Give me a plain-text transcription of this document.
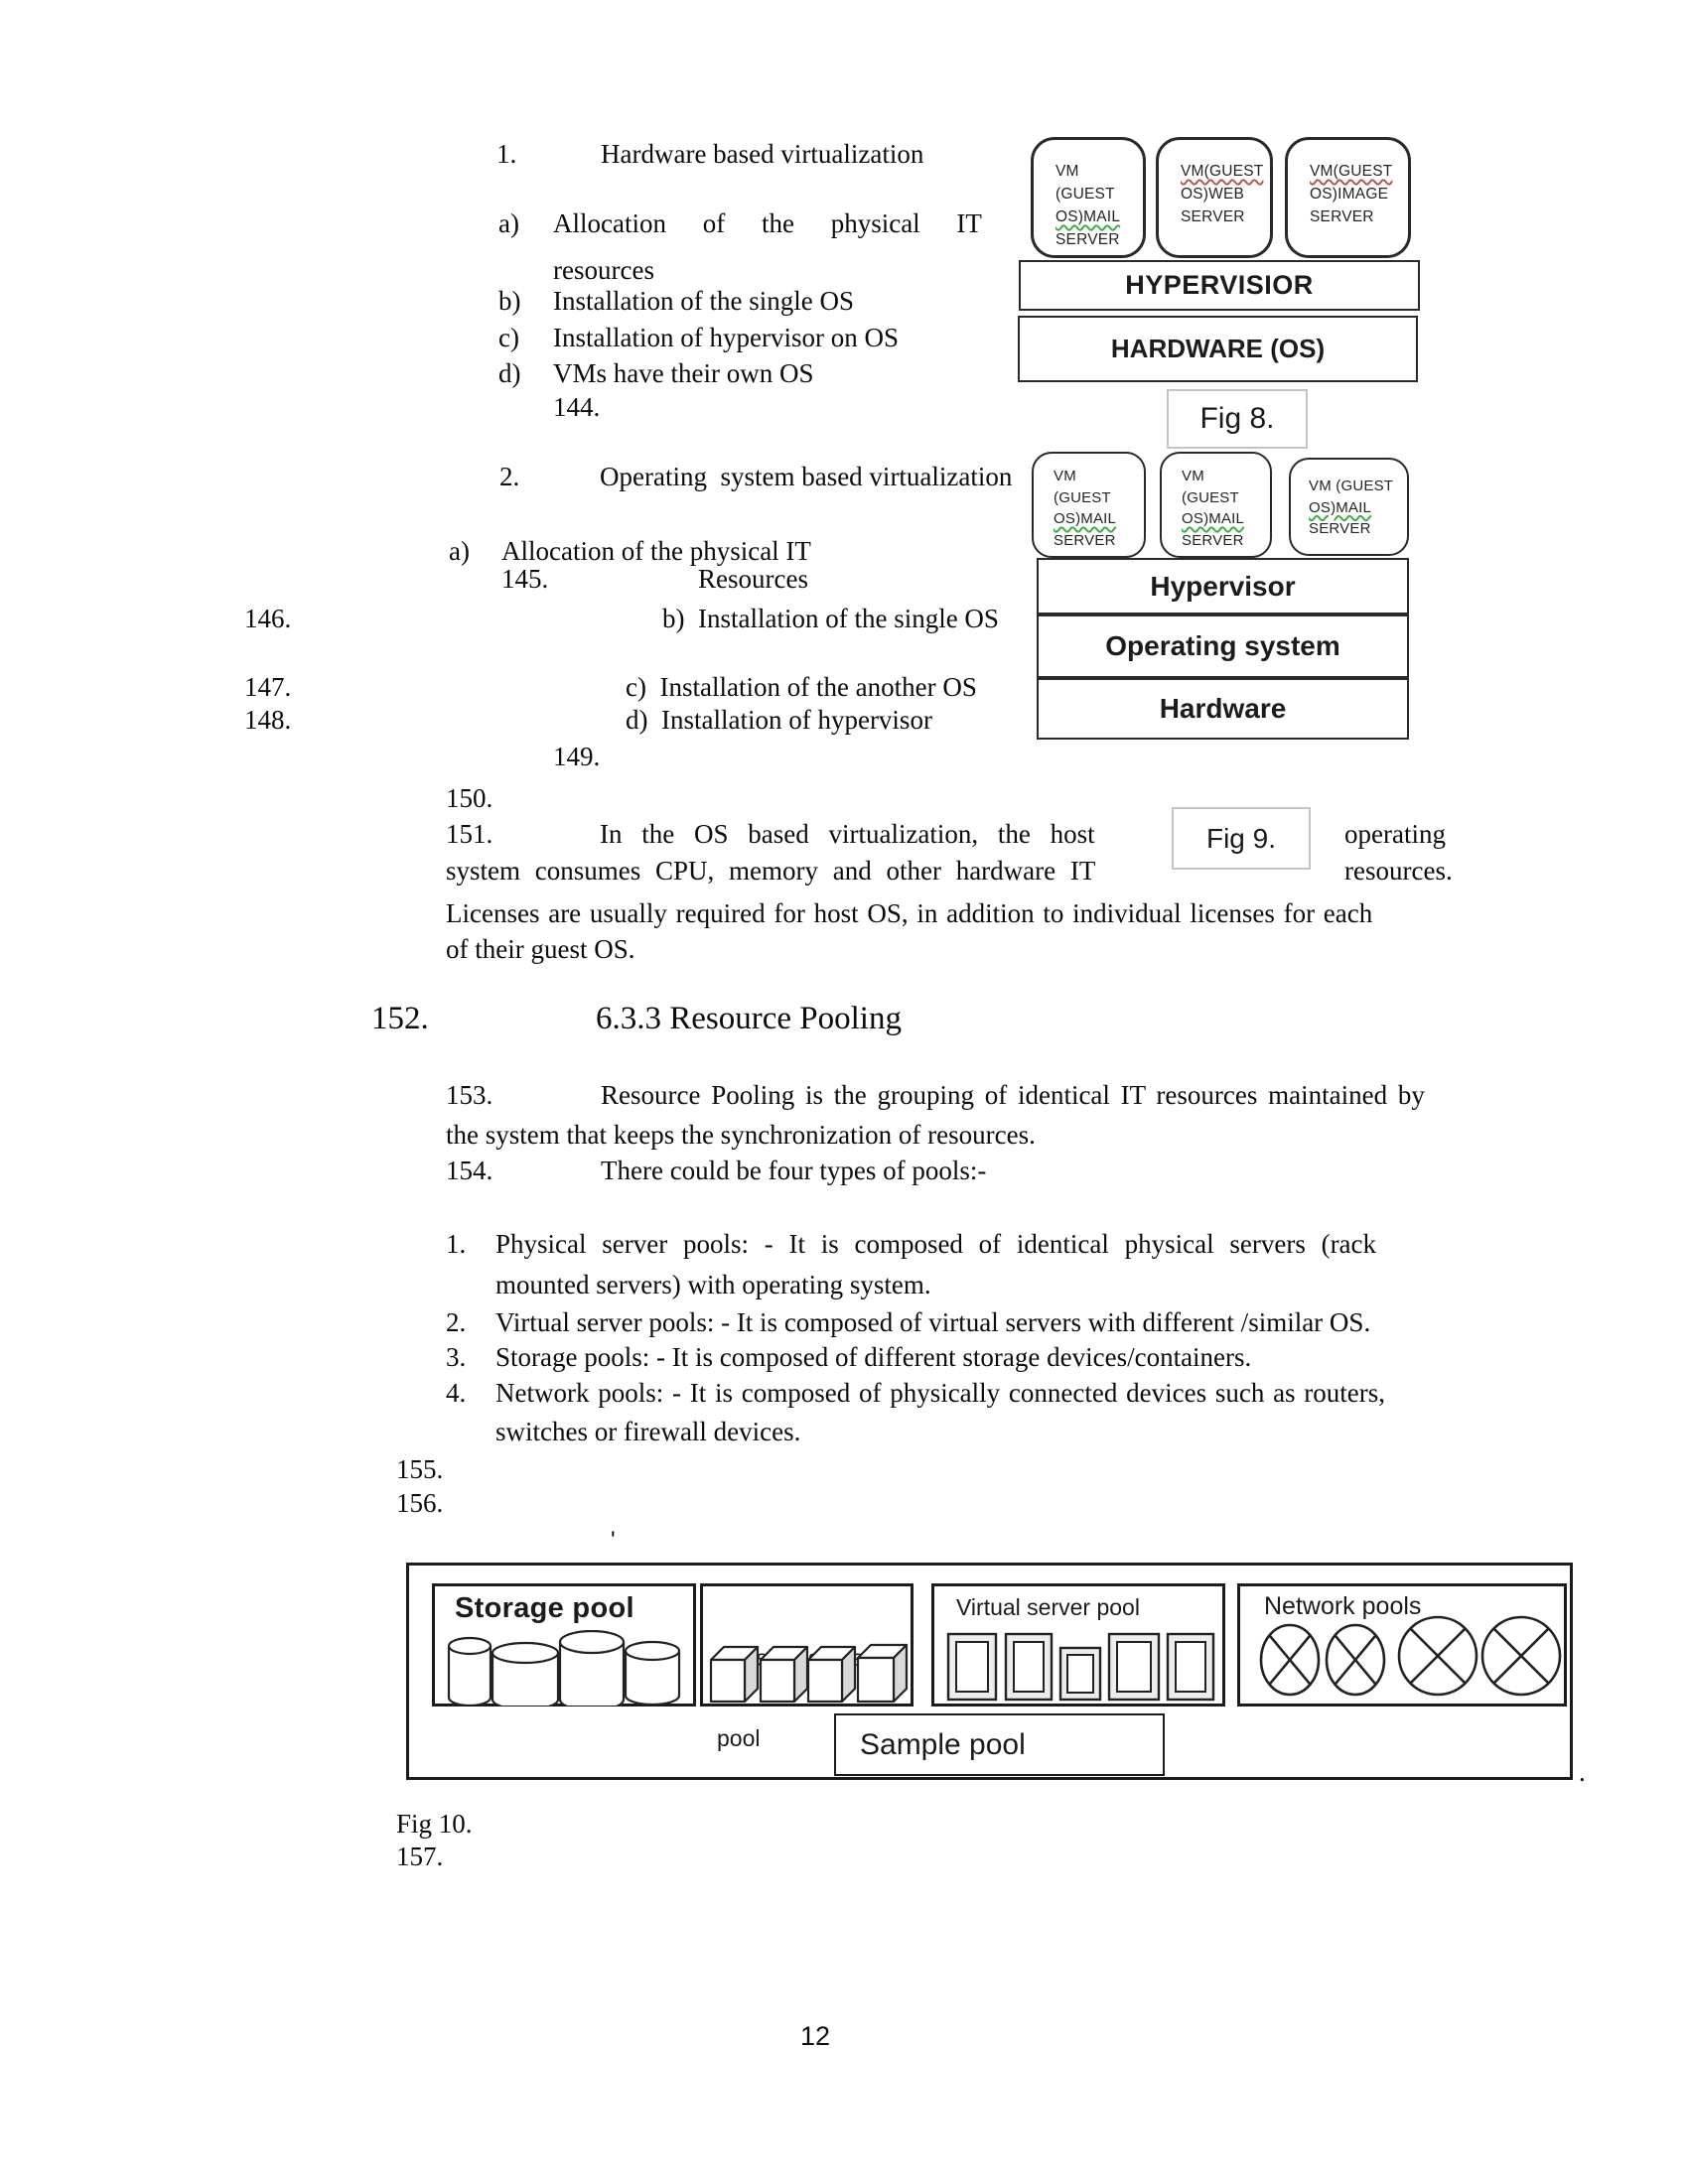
1.	Hardware based virtualization
a) Allocation of the physical IT
resources
b) Installation of the single OS
c) Installation of hypervisor on OS
d) VMs have their own OS
144.
2.	Operating  system based virtualization
a) Allocation of the physical IT
145.	Resources
146.	b)  Installation of the single OS
147.	c)  Installation of the another OS
148.	d)  Installation of hypervisor
149.
150.
151.	In the OS based virtualization, the host	operating
system consumes CPU, memory and other hardware IT	resources.
Licenses are usually required for host OS, in addition to individual licenses for each
of their guest OS.
152.	6.3.3 Resource Pooling
153.	Resource Pooling is the grouping of identical IT resources maintained by
the system that keeps the synchronization of resources.
154.	There could be four types of pools:-
1. Physical server pools: - It is composed of identical physical servers (rack
mounted servers) with operating system.
2. Virtual server pools: - It is composed of virtual servers with different /similar OS.
3. Storage pools: - It is composed of different storage devices/containers.
4. Network pools: - It is composed of physically connected devices such as routers,
switches or firewall devices.
155.
156.
'
Fig 10.
157.
.
12
VM (GUEST
OS)MAIL
SERVER
VM(GUEST
OS)WEB
SERVER
VM(GUEST
OS)IMAGE
SERVER
HYPERVISIOR
HARDWARE (OS)
Fig 8.
VM
(GUEST
OS)MAIL
SERVER
VM
(GUEST
OS)MAIL
SERVER
VM (GUEST
OS)MAIL
SERVER
Hypervisor
Operating system
Hardware
Fig 9.
Storage pool

Physical

pool

Virtual server pool	Network pools
Sample pool
